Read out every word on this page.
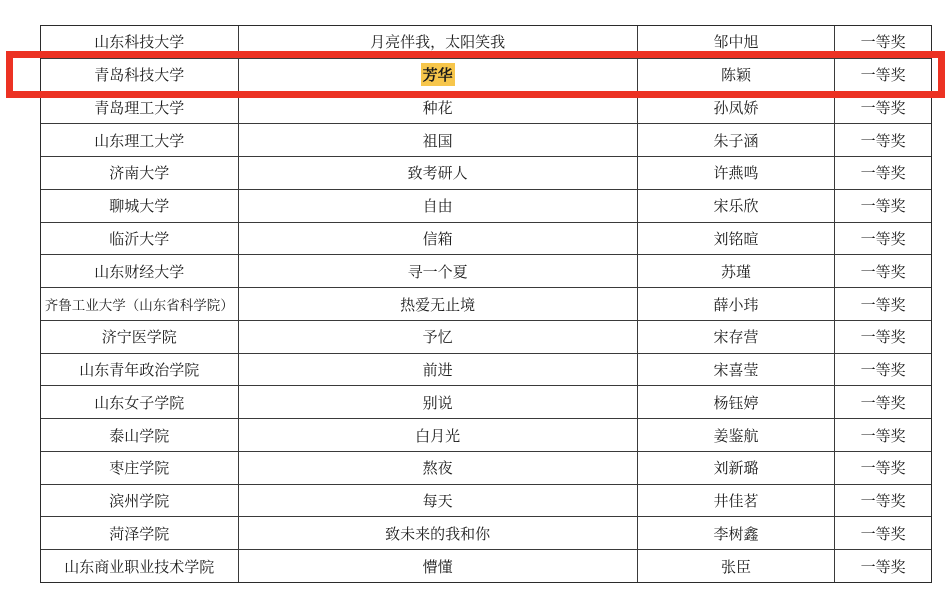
山东科技大学	月亮伴我，太阳笑我	邹中旭	一等奖
青岛科技大学	芳华	陈颖	一等奖
青岛理工大学	种花	孙凤娇	一等奖
山东理工大学	祖国	朱子涵	一等奖
济南大学	致考研人	许燕鸣	一等奖
聊城大学	自由	宋乐欣	一等奖
临沂大学	信箱	刘铭暄	一等奖
山东财经大学	寻一个夏	苏瑾	一等奖
齐鲁工业大学（山东省科学院）	热爱无止境	薛小玮	一等奖
济宁医学院	予忆	宋存营	一等奖
山东青年政治学院	前进	宋喜莹	一等奖
山东女子学院	别说	杨钰婷	一等奖
泰山学院	白月光	姜鉴航	一等奖
枣庄学院	熬夜	刘新璐	一等奖
滨州学院	每天	井佳茗	一等奖
菏泽学院	致未来的我和你	李树鑫	一等奖
山东商业职业技术学院	懵懂	张臣	一等奖
